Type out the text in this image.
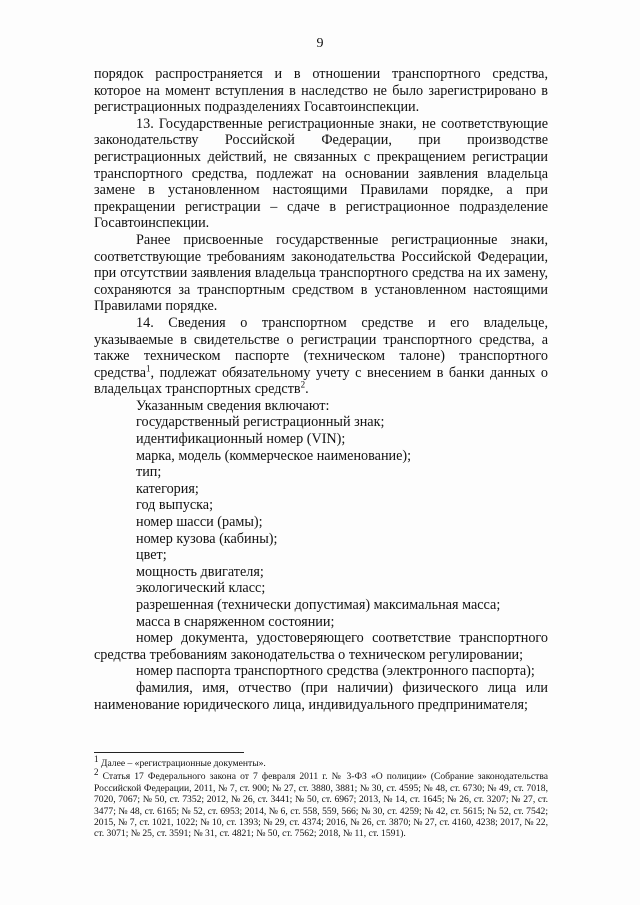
9

порядок распространяется и в отношении транспортного средства, которое на момент вступления в наследство не было зарегистрировано в регистрационных подразделениях Госавтоинспекции.

13. Государственные регистрационные знаки, не соответствующие законодательству Российской Федерации, при производстве регистрационных действий, не связанных с прекращением регистрации транспортного средства, подлежат на основании заявления владельца замене в установленном настоящими Правилами порядке, а при прекращении регистрации – сдаче в регистрационное подразделение Госавтоинспекции.

Ранее присвоенные государственные регистрационные знаки, соответствующие требованиям законодательства Российской Федерации, при отсутствии заявления владельца транспортного средства на их замену, сохраняются за транспортным средством в установленном настоящими Правилами порядке.

14. Сведения о транспортном средстве и его владельце, указываемые в свидетельстве о регистрации транспортного средства, а также техническом паспорте (техническом талоне) транспортного средства$^1$, подлежат обязательному учету с внесением в банки данных о владельцах транспортных средств$^2$.

Указанным сведения включают:

государственный регистрационный знак;

идентификационный номер (VIN);

марка, модель (коммерческое наименование);

тип;

категория;

год выпуска;

номер шасси (рамы);

номер кузова (кабины);

цвет;

мощность двигателя;

экологический класс;

разрешенная (технически допустимая) максимальная масса;

масса в снаряженном состоянии;

номер документа, удостоверяющего соответствие транспортного средства требованиям законодательства о техническом регулировании;

номер паспорта транспортного средства (электронного паспорта);

фамилия, имя, отчество (при наличии) физического лица или наименование юридического лица, индивидуального предпринимателя;

$^1$ Далее – «регистрационные документы».

$^2$ Статья 17 Федерального закона от 7 февраля 2011 г. № 3-ФЗ «О полиции» (Собрание законодательства Российской Федерации, 2011, № 7, ст. 900; № 27, ст. 3880, 3881; № 30, ст. 4595; № 48, ст. 6730; № 49, ст. 7018, 7020, 7067; № 50, ст. 7352; 2012, № 26, ст. 3441; № 50, ст. 6967; 2013, № 14, ст. 1645; № 26, ст. 3207; № 27, ст. 3477; № 48, ст. 6165; № 52, ст. 6953; 2014, № 6, ст. 558, 559, 566; № 30, ст. 4259; № 42, ст. 5615; № 52, ст. 7542; 2015, № 7, ст. 1021, 1022; № 10, ст. 1393; № 29, ст. 4374; 2016, № 26, ст. 3870; № 27, ст. 4160, 4238; 2017, № 22, ст. 3071; № 25, ст. 3591; № 31, ст. 4821; № 50, ст. 7562; 2018, № 11, ст. 1591).
